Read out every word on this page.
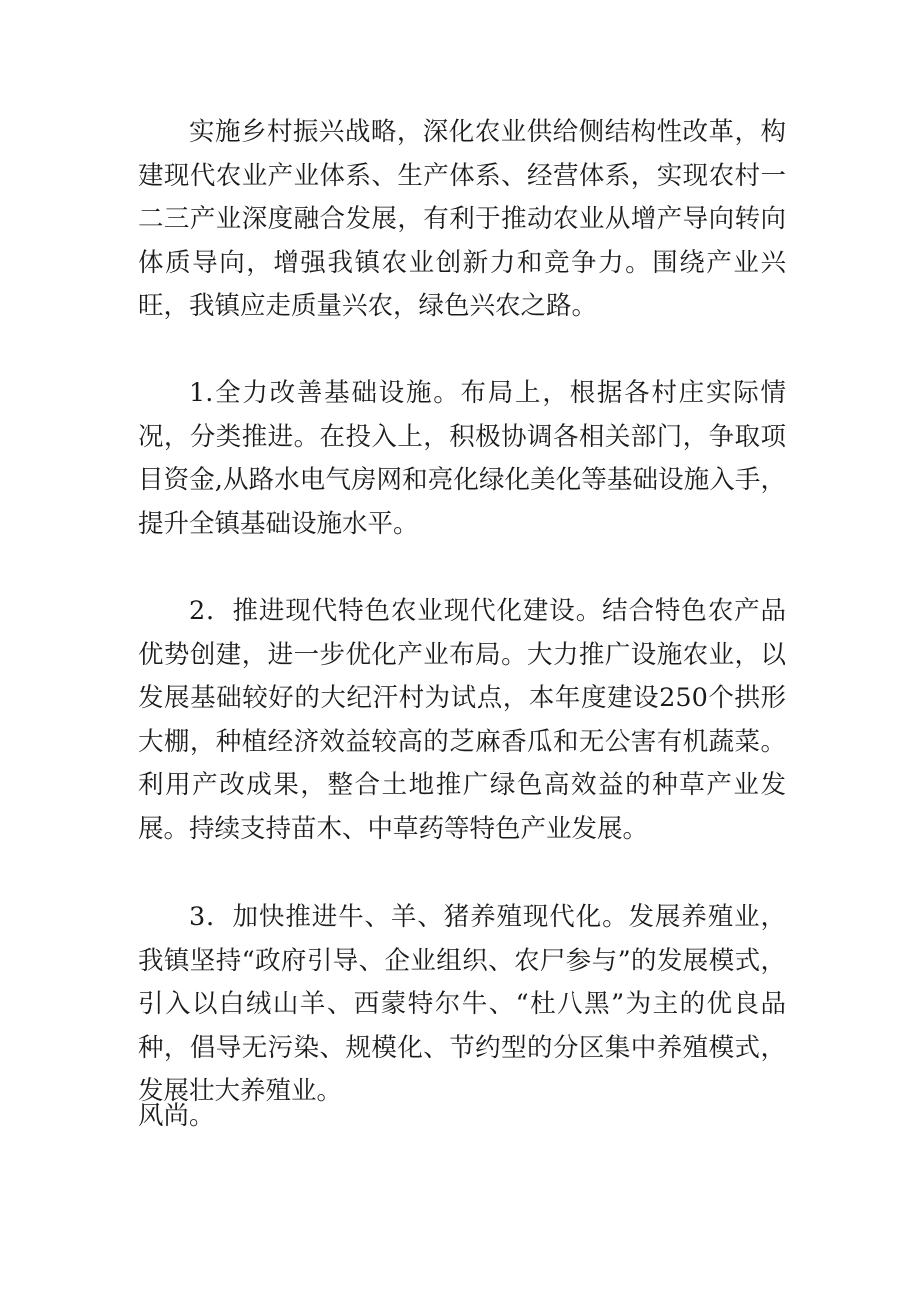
实施乡村振兴战略，深化农业供给侧结构性改革，构建现代农业产业体系、生产体系、经营体系，实现农村一二三产业深度融合发展，有利于推动农业从增产导向转向体质导向，增强我镇农业创新力和竞争力。围绕产业兴旺，我镇应走质量兴农，绿色兴农之路。

1.全力改善基础设施。布局上，根据各村庄实际情况，分类推进。在投入上，积极协调各相关部门，争取项目资金,从路水电气房网和亮化绿化美化等基础设施入手，提升全镇基础设施水平。

2．推进现代特色农业现代化建设。结合特色农产品优势创建，进一步优化产业布局。大力推广设施农业，以发展基础较好的大纪汗村为试点，本年度建设250个拱形大棚，种植经济效益较高的芝麻香瓜和无公害有机蔬菜。利用产改成果，整合土地推广绿色高效益的种草产业发展。持续支持苗木、中草药等特色产业发展。

3．加快推进牛、羊、猪养殖现代化。发展养殖业，我镇坚持“政府引导、企业组织、农尸参与”的发展模式，引入以白绒山羊、西蒙特尔牛、“杜八黑”为主的优良品种，倡导无污染、规模化、节约型的分区集中养殖模式，发展壮大养殖业。

风尚。
